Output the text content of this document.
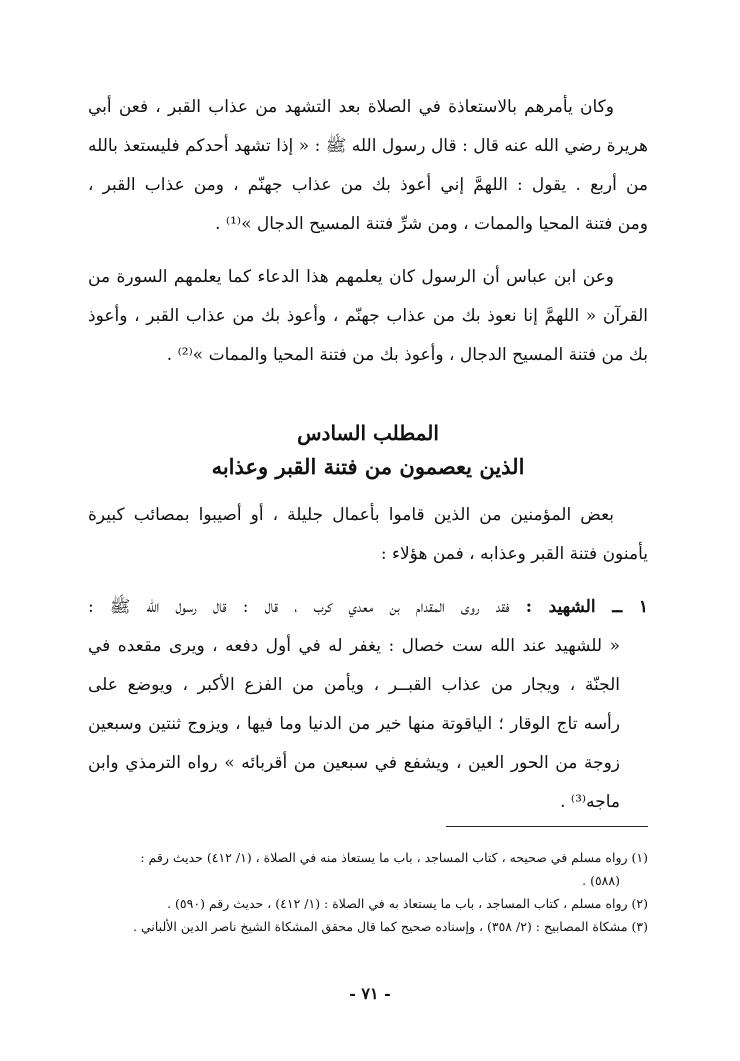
وكان يأمرهم بالاستعاذة في الصلاة بعد التشهد من عذاب القبر ، فعن أبي
هريرة رضي الله عنه قال : قال رسول الله ﷺ : « إذا تشهد أحدكم فليستعذ بالله
من أربع . يقول : اللهمَّ إني أعوذ بك من عذاب جهنّم ، ومن عذاب القبر ،
ومن فتنة المحيا والممات ، ومن شرِّ فتنة المسيح الدجال »⁽¹⁾ .
وعن ابن عباس أن الرسول كان يعلمهم هذا الدعاء كما يعلمهم السورة من
القرآن « اللهمَّ إنا نعوذ بك من عذاب جهنّم ، وأعوذ بك من عذاب القبر ، وأعوذ
بك من فتنة المسيح الدجال ، وأعوذ بك من فتنة المحيا والممات »⁽²⁾ .
المطلب السادس
الذين يعصمون من فتنة القبر وعذابه
بعض المؤمنين من الذين قاموا بأعمال جليلة ، أو أصيبوا بمصائب كبيرة
يأمنون فتنة القبر وعذابه ، فمن هؤلاء :
١ ــ الشهيد : فقد روى المقدام بن معدي كرب ، قال : قال رسول الله ﷺ :
« للشهيد عند الله ست خصال : يغفر له في أول دفعه ، ويرى مقعده في
الجنّة ، ويجار من عذاب القبــر ، ويأمن من الفزع الأكبر ، ويوضع على
رأسه تاج الوقار ؛ الياقوتة منها خير من الدنيا وما فيها ، ويزوج ثنتين وسبعين
زوجة من الحور العين ، ويشفع في سبعين من أقربائه » رواه الترمذي وابن
ماجه⁽³⁾ .
(١) رواه مسلم في صحيحه ، كتاب المساجد ، باب ما يستعاذ منه في الصلاة ، (١/ ٤١٢) حديث رقم :
(٥٨٨) .
(٢) رواه مسلم ، كتاب المساجد ، باب ما يستعاذ به في الصلاة : (١/ ٤١٢) ، حديث رقم (٥٩٠) .
(٣) مشكاة المصابيح : (٢/ ٣٥٨) ، وإسناده صحيح كما قال محقق المشكاة الشيخ ناصر الدين الألباني .
- ٧١ -
